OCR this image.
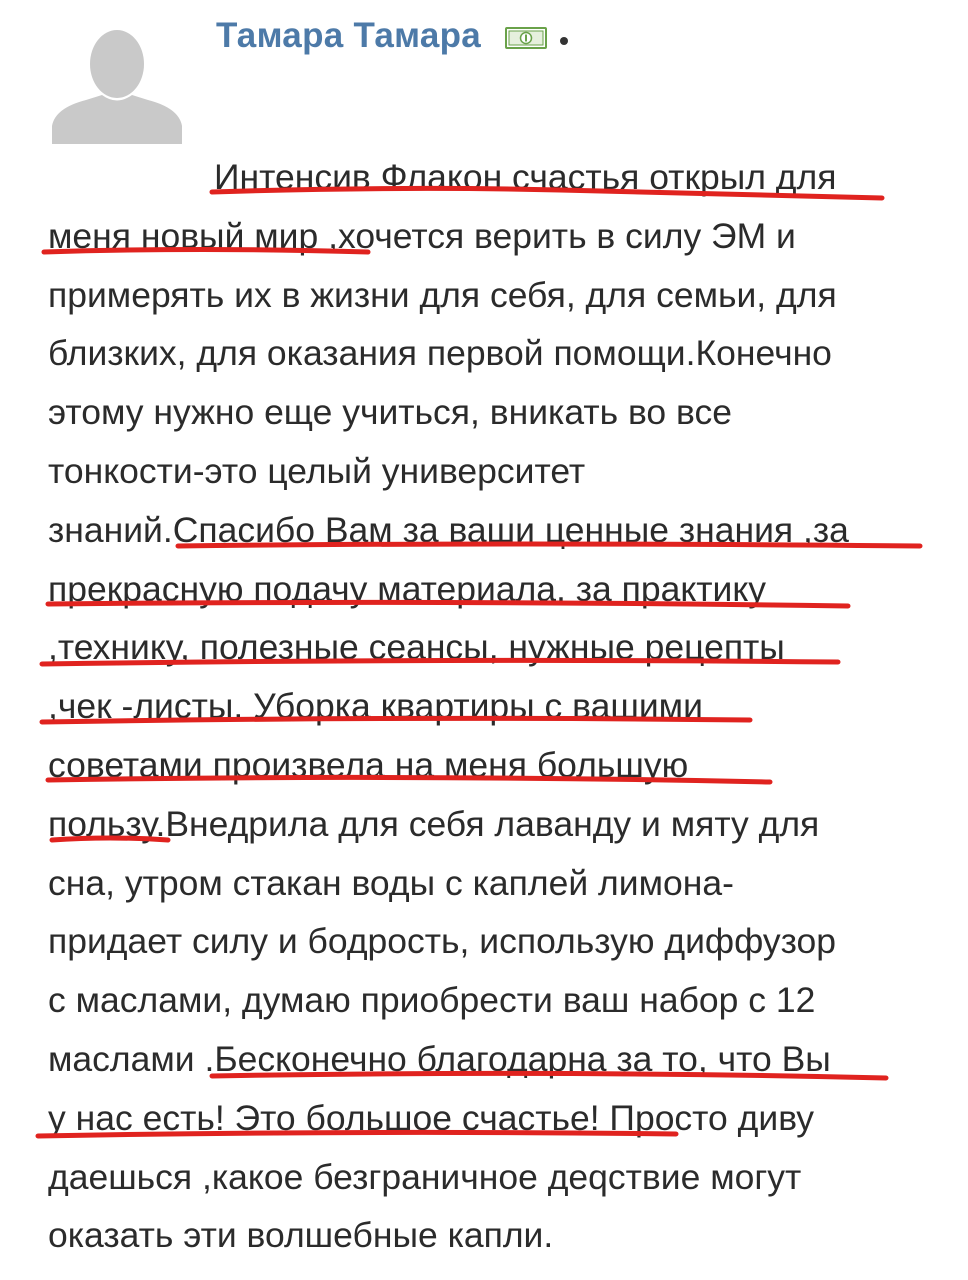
Тамара Тамара
Интенсив Флакон счастья открыл для
меня новый мир ,хочется верить в силу ЭМ и
примерять их в жизни для себя, для семьи, для
близких, для оказания первой помощи.Конечно
этому нужно еще учиться, вникать во все
тонкости-это целый университет
знаний.Спасибо Вам за ваши ценные знания ,за
прекрасную подачу материала, за практику
,технику, полезные сеансы, нужные рецепты
,чек -листы. Уборка квартиры с вашими
советами произвела на меня большую
пользу.Внедрила для себя лаванду и мяту для
сна, утром стакан воды с каплей лимона-
придает силу и бодрость, использую диффузор
с маслами, думаю приобрести ваш набор с 12
маслами .Бесконечно благодарна за то, что Вы
у нас есть! Это большое счастье! Просто диву
даешься ,какое безграничное деqствие могут
оказать эти волшебные капли.
